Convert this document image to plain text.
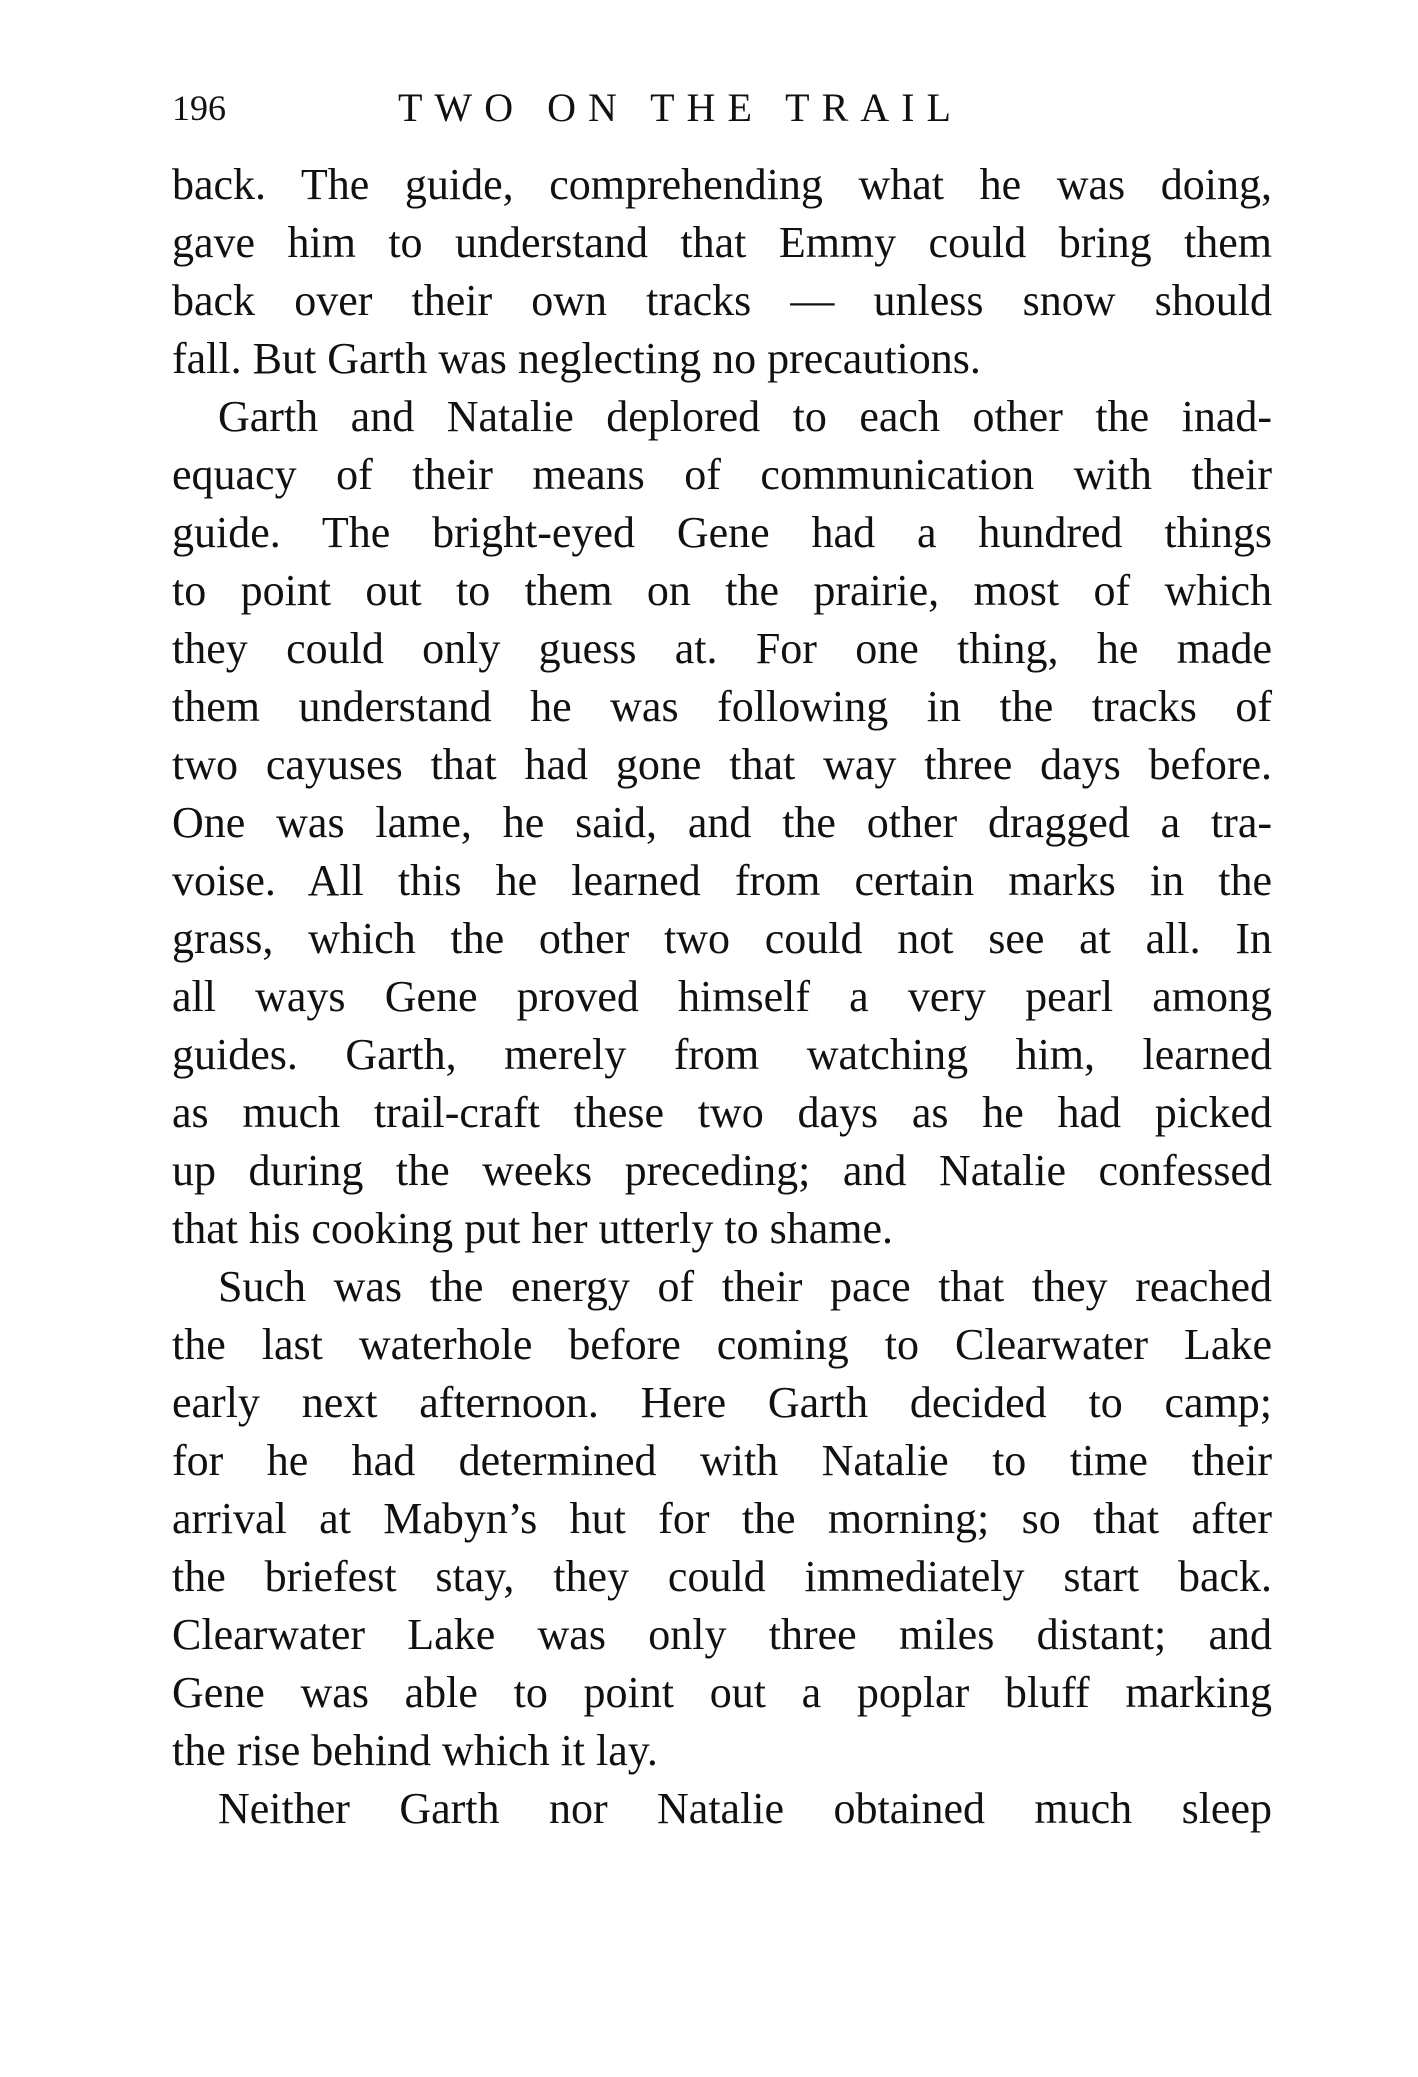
196	TWO ON THE TRAIL
back. The guide, comprehending what he was doing,
gave him to understand that Emmy could bring them
back over their own tracks — unless snow should
fall. But Garth was neglecting no precautions.
Garth and Natalie deplored to each other the inad-
equacy of their means of communication with their
guide. The bright-eyed Gene had a hundred things
to point out to them on the prairie, most of which
they could only guess at. For one thing, he made
them understand he was following in the tracks of
two cayuses that had gone that way three days before.
One was lame, he said, and the other dragged a tra-
voise. All this he learned from certain marks in the
grass, which the other two could not see at all. In
all ways Gene proved himself a very pearl among
guides. Garth, merely from watching him, learned
as much trail-craft these two days as he had picked
up during the weeks preceding; and Natalie confessed
that his cooking put her utterly to shame.
Such was the energy of their pace that they reached
the last waterhole before coming to Clearwater Lake
early next afternoon. Here Garth decided to camp;
for he had determined with Natalie to time their
arrival at Mabyn’s hut for the morning; so that after
the briefest stay, they could immediately start back.
Clearwater Lake was only three miles distant; and
Gene was able to point out a poplar bluff marking
the rise behind which it lay.
Neither Garth nor Natalie obtained much sleep
